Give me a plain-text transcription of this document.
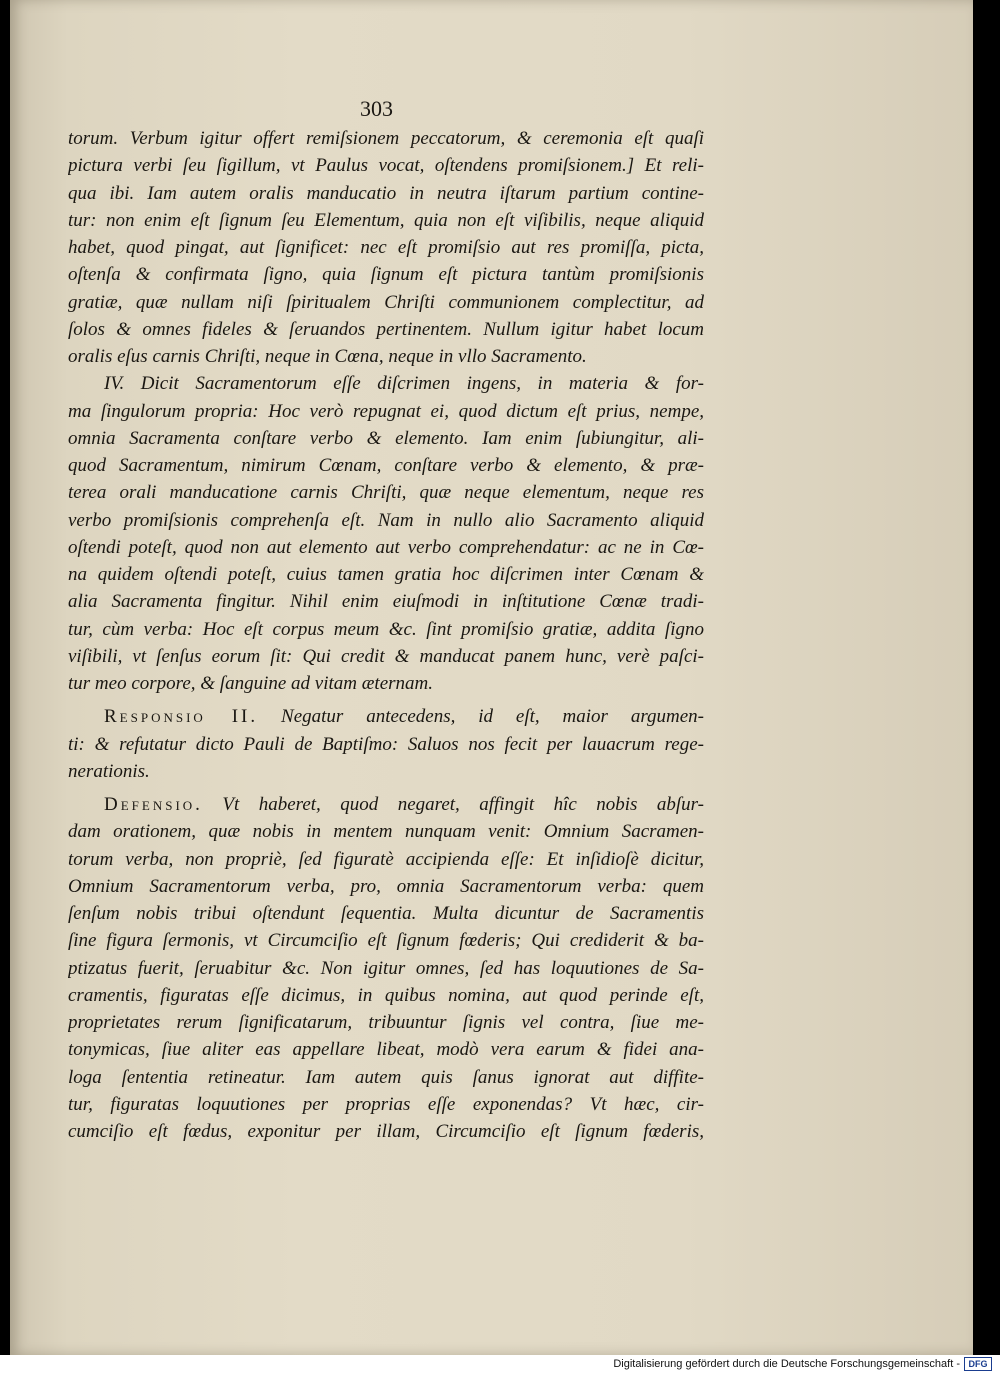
303
torum. Verbum igitur offert remiſsionem peccatorum, & ceremonia eſt quaſi
pictura verbi ſeu ſigillum, vt Paulus vocat, oſtendens promiſsionem.] Et reli-
qua ibi. Iam autem oralis manducatio in neutra iſtarum partium contine-
tur: non enim eſt ſignum ſeu Elementum, quia non eſt viſibilis, neque aliquid
habet, quod pingat, aut ſignificet: nec eſt promiſsio aut res promiſſa, picta,
oſtenſa & confirmata ſigno, quia ſignum eſt pictura tantùm promiſsionis
gratiæ, quæ nullam niſi ſpiritualem Chriſti communionem complectitur, ad
ſolos & omnes fideles & ſeruandos pertinentem. Nullum igitur habet locum
oralis eſus carnis Chriſti, neque in Cœna, neque in vllo Sacramento.
IV. Dicit Sacramentorum eſſe diſcrimen ingens, in materia & for-
ma ſingulorum propria: Hoc verò repugnat ei, quod dictum eſt prius, nempe,
omnia Sacramenta conſtare verbo & elemento. Iam enim ſubiungitur, ali-
quod Sacramentum, nimirum Cœnam, conſtare verbo & elemento, & præ-
terea orali manducatione carnis Chriſti, quæ neque elementum, neque res
verbo promiſsionis comprehenſa eſt. Nam in nullo alio Sacramento aliquid
oſtendi poteſt, quod non aut elemento aut verbo comprehendatur: ac ne in Cœ-
na quidem oſtendi poteſt, cuius tamen gratia hoc diſcrimen inter Cœnam &
alia Sacramenta fingitur. Nihil enim eiuſmodi in inſtitutione Cœnæ tradi-
tur, cùm verba: Hoc eſt corpus meum &c. ſint promiſsio gratiæ, addita ſigno
viſibili, vt ſenſus eorum ſit: Qui credit & manducat panem hunc, verè paſci-
tur meo corpore, & ſanguine ad vitam æternam.
Responsio II. Negatur antecedens, id eſt, maior argumen-
ti: & refutatur dicto Pauli de Baptiſmo: Saluos nos fecit per lauacrum rege-
nerationis.
Defensio. Vt haberet, quod negaret, affingit hîc nobis abſur-
dam orationem, quæ nobis in mentem nunquam venit: Omnium Sacramen-
torum verba, non propriè, ſed figuratè accipienda eſſe: Et inſidioſè dicitur,
Omnium Sacramentorum verba, pro, omnia Sacramentorum verba: quem
ſenſum nobis tribui oſtendunt ſequentia. Multa dicuntur de Sacramentis
ſine figura ſermonis, vt Circumciſio eſt ſignum fœderis; Qui crediderit & ba-
ptizatus fuerit, ſeruabitur &c. Non igitur omnes, ſed has loquutiones de Sa-
cramentis, figuratas eſſe dicimus, in quibus nomina, aut quod perinde eſt,
proprietates rerum ſignificatarum, tribuuntur ſignis vel contra, ſiue me-
tonymicas, ſiue aliter eas appellare libeat, modò vera earum & fidei ana-
loga ſententia retineatur. Iam autem quis ſanus ignorat aut diffite-
tur, figuratas loquutiones per proprias eſſe exponendas? Vt hæc, cir-
cumciſio eſt fœdus, exponitur per illam, Circumciſio eſt ſignum fœderis,
Digitalisierung gefördert durch die Deutsche Forschungsgemeinschaft - DFG
